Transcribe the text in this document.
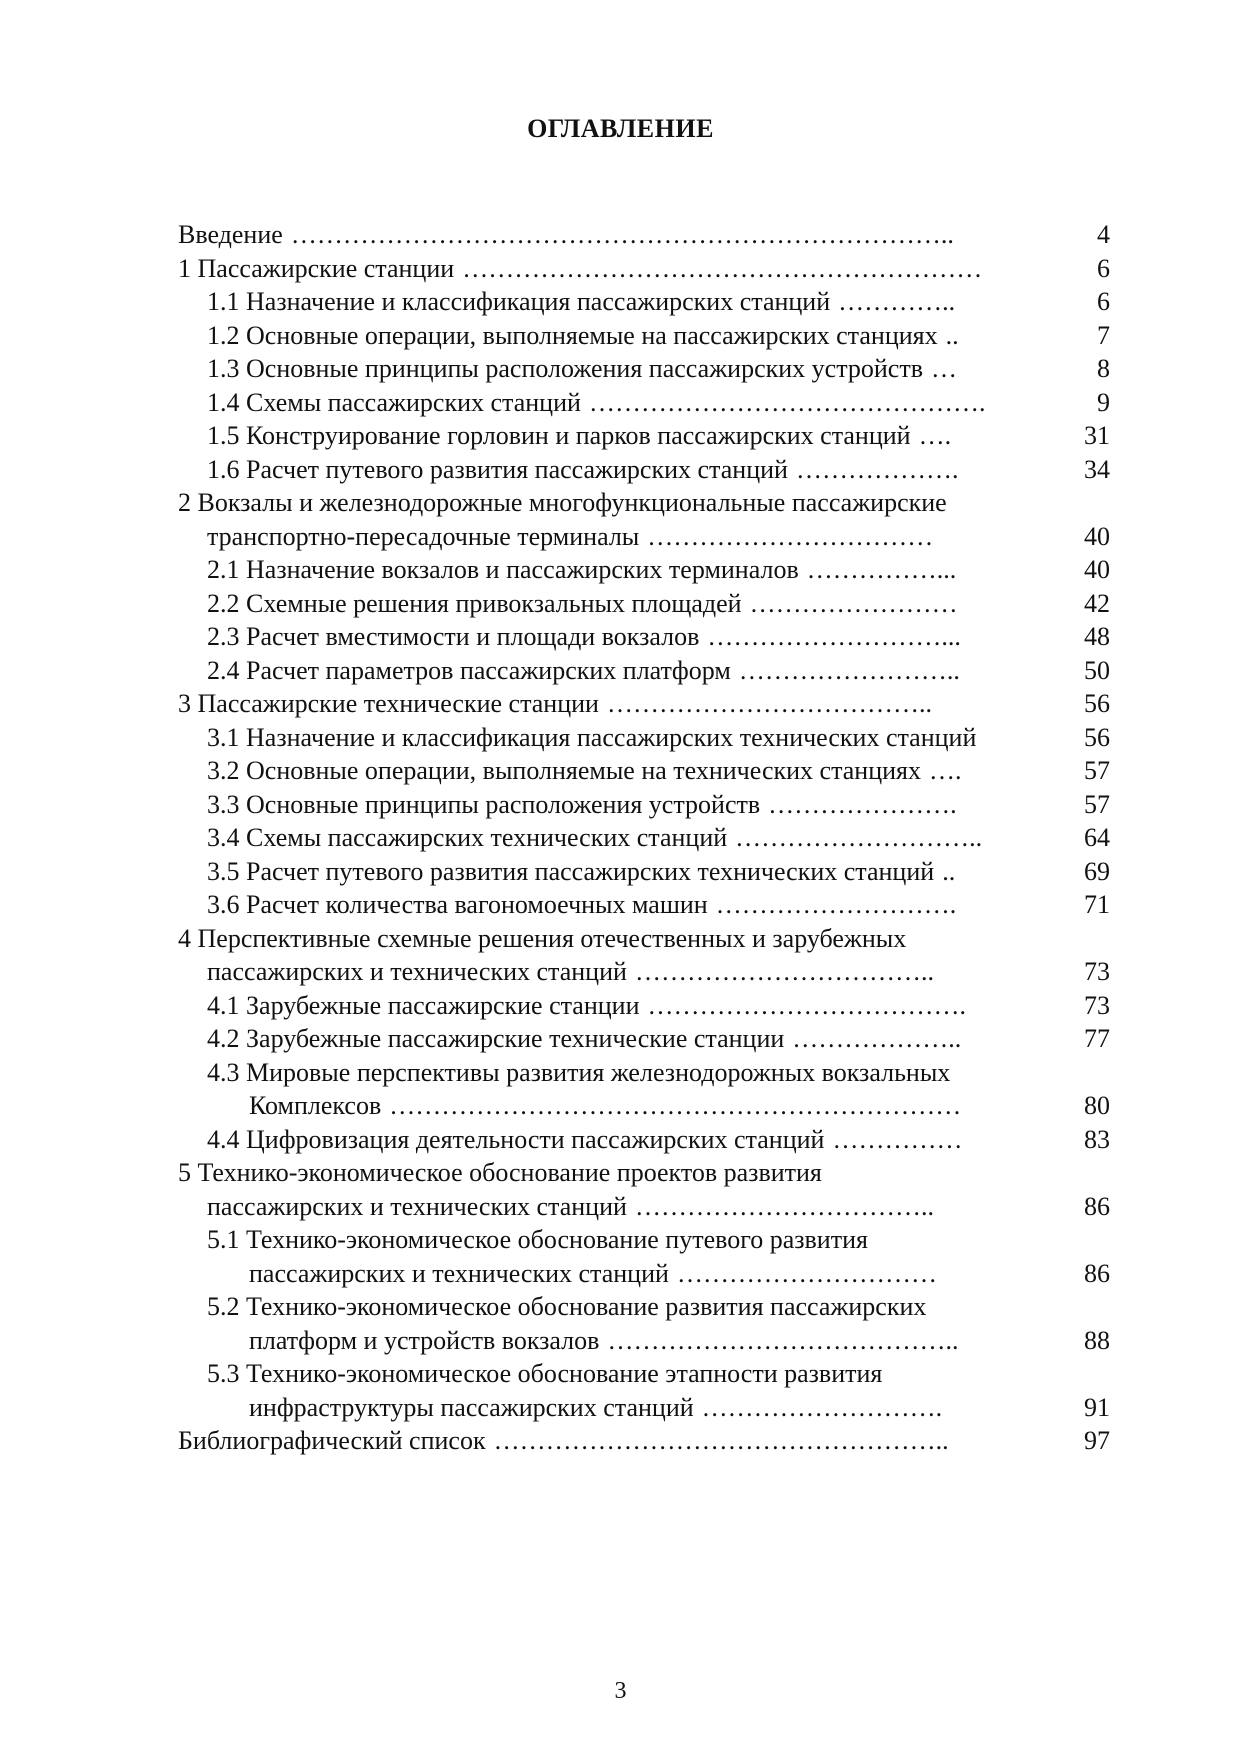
ОГЛАВЛЕНИЕ
Введение …………………………………………………………………..	4
1 Пассажирские станции ……………………………………………………	6
1.1 Назначение и классификация пассажирских станций …………..	6
1.2 Основные операции, выполняемые на пассажирских станциях ..	7
1.3 Основные принципы расположения пассажирских устройств …	8
1.4 Схемы пассажирских станций ……………………………………….	9
1.5 Конструирование горловин и парков пассажирских станций ….	31
1.6 Расчет путевого развития пассажирских станций ……………….	34
2 Вокзалы и железнодорожные многофункциональные пассажирские
транспортно-пересадочные терминалы ……………………………	40
2.1 Назначение вокзалов и пассажирских терминалов ……………...	40
2.2 Схемные решения привокзальных площадей ……………………	42
2.3 Расчет вместимости и площади вокзалов ………………………...	48
2.4 Расчет параметров пассажирских платформ ……………………..	50
3 Пассажирские технические станции ………………………………..	56
3.1 Назначение и классификация пассажирских технических станций	56
3.2 Основные операции, выполняемые на технических станциях ….	57
3.3 Основные принципы расположения устройств ………………….	57
3.4 Схемы пассажирских технических станций ………………………..	64
3.5 Расчет путевого развития пассажирских технических станций ..	69
3.6 Расчет количества вагономоечных машин ……………………….	71
4 Перспективные схемные решения отечественных и зарубежных
пассажирских и технических станций ……………………………..	73
4.1 Зарубежные пассажирские станции ……………………………….	73
4.2 Зарубежные пассажирские технические станции ………………..	77
4.3 Мировые перспективы развития железнодорожных вокзальных
Комплексов …………………………………………………………	80
4.4 Цифровизация деятельности пассажирских станций ……………	83
5 Технико-экономическое обоснование проектов развития
пассажирских и технических станций ……………………………..	86
5.1 Технико-экономическое обоснование путевого развития
пассажирских и технических станций …………………………	86
5.2 Технико-экономическое обоснование развития пассажирских
платформ и устройств вокзалов …………………………………..	88
5.3 Технико-экономическое обоснование этапности развития
инфраструктуры пассажирских станций ……………………….	91
Библиографический список ……………………………………………..	97
3
